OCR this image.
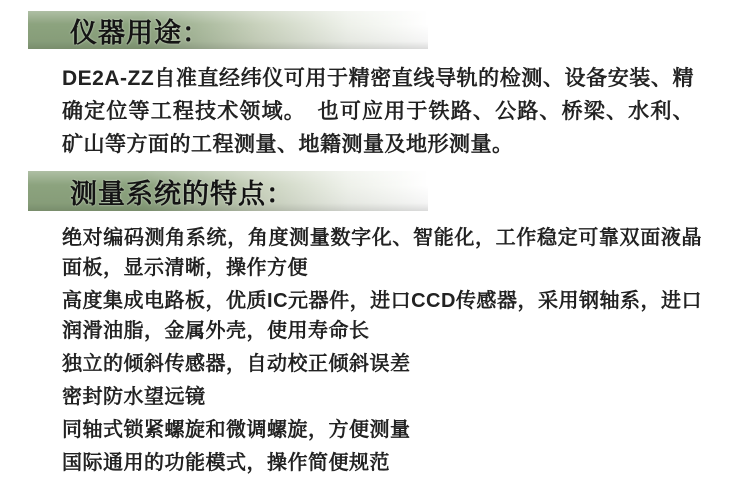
仪器用途：

DE2A-ZZ自准直经纬仪可用于精密直线导轨的检测、设备安装、精确定位等工程技术领域。　也可应用于铁路、公路、桥梁、水利、矿山等方面的工程测量、地籍测量及地形测量。

测量系统的特点：
绝对编码测角系统，角度测量数字化、智能化，工作稳定可靠双面液晶面板，显示清晰，操作方便
高度集成电路板，优质IC元器件，进口CCD传感器，采用钢轴系，进口润滑油脂，金属外壳，使用寿命长
独立的倾斜传感器，自动校正倾斜误差
密封防水望远镜
同轴式锁紧螺旋和微调螺旋，方便测量
国际通用的功能模式，操作简便规范
